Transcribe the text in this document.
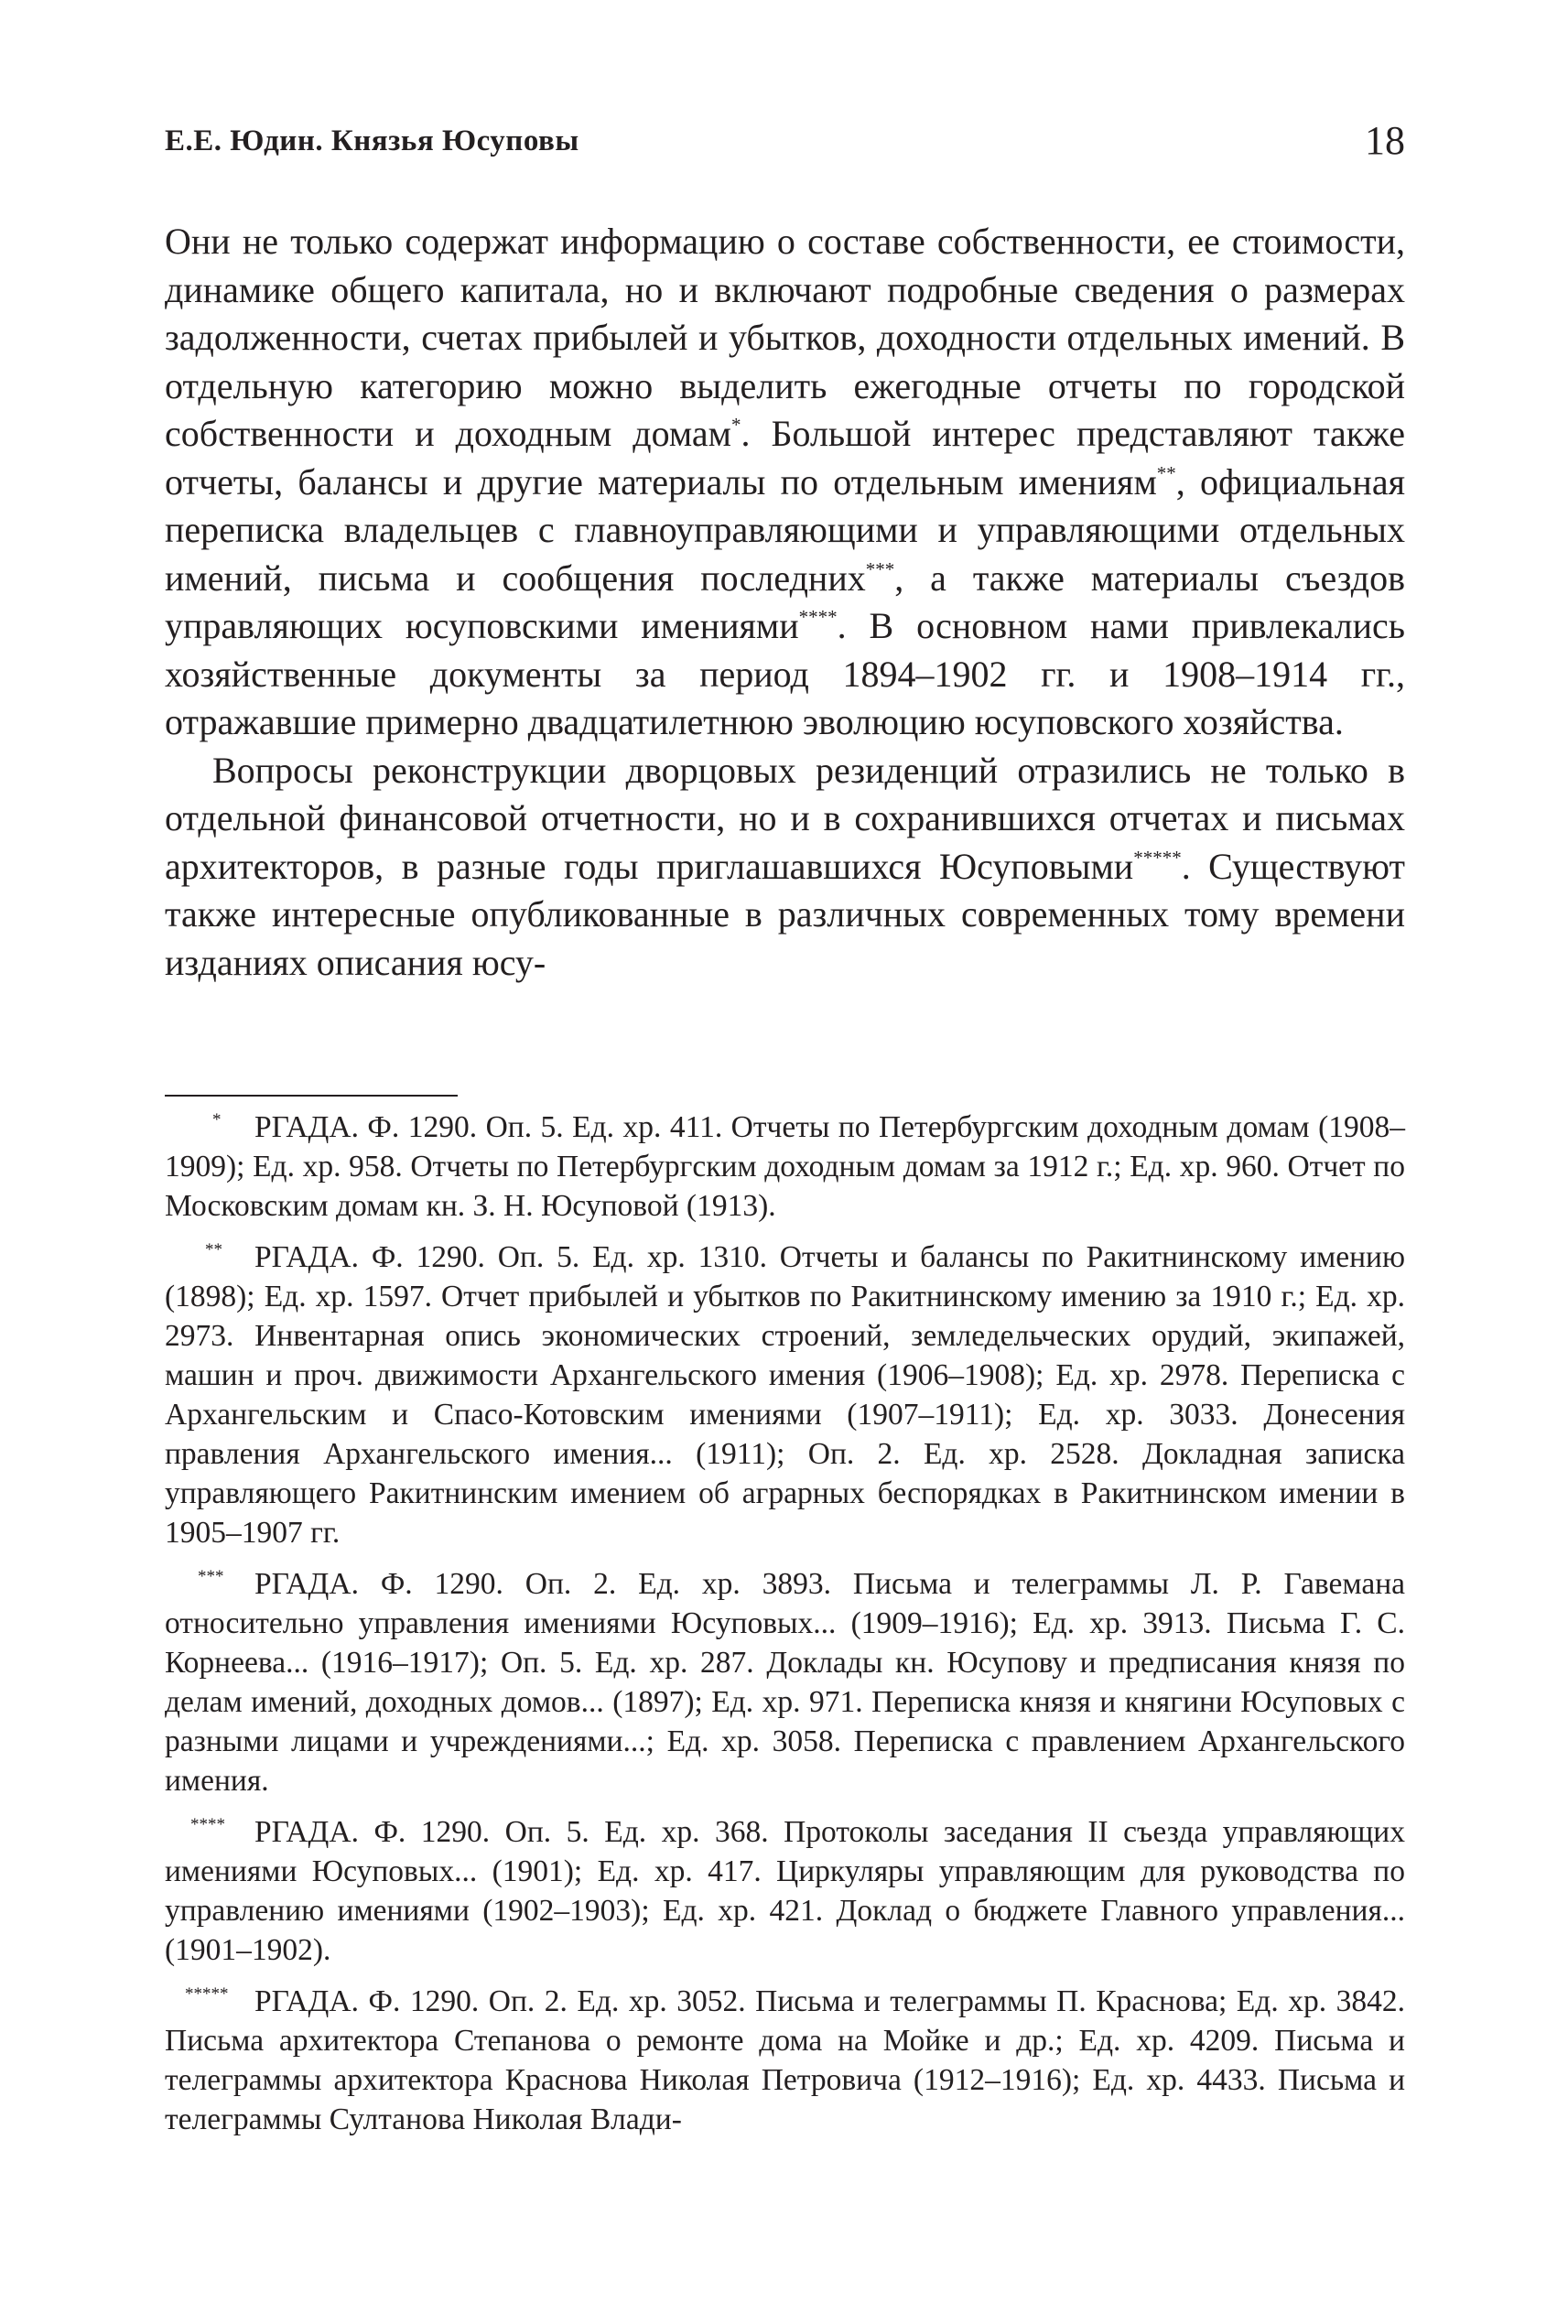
Е.Е. Юдин. Князья Юсуповы	18

Они не только содержат информацию о составе собственности, ее стоимости, динамике общего капитала, но и включают подробные сведения о размерах задолженности, счетах прибылей и убытков, доходности отдельных имений. В отдельную категорию можно выделить ежегодные отчеты по городской собственности и доходным домам*. Большой интерес представляют также отчеты, балансы и другие материалы по отдельным имениям**, официальная переписка владельцев с главноуправляющими и управляющими отдельных имений, письма и сообщения последних***, а также материалы съездов управляющих юсуповскими имениями****. В основном нами привлекались хозяйственные документы за период 1894–1902 гг. и 1908–1914 гг., отражавшие примерно двадцатилетнюю эволюцию юсуповского хозяйства.

Вопросы реконструкции дворцовых резиденций отразились не только в отдельной финансовой отчетности, но и в сохранившихся отчетах и письмах архитекторов, в разные годы приглашавшихся Юсуповыми*****. Существуют также интересные опубликованные в различных современных тому времени изданиях описания юсу-

* РГАДА. Ф. 1290. Оп. 5. Ед. хр. 411. Отчеты по Петербургским доходным домам (1908–1909); Ед. хр. 958. Отчеты по Петербургским доходным домам за 1912 г.; Ед. хр. 960. Отчет по Московским домам кн. З. Н. Юсуповой (1913).

** РГАДА. Ф. 1290. Оп. 5. Ед. хр. 1310. Отчеты и балансы по Ракитнинскому имению (1898); Ед. хр. 1597. Отчет прибылей и убытков по Ракитнинскому имению за 1910 г.; Ед. хр. 2973. Инвентарная опись экономических строений, земледельческих орудий, экипажей, машин и проч. движимости Архангельского имения (1906–1908); Ед. хр. 2978. Переписка с Архангельским и Спасо-Котовским имениями (1907–1911); Ед. хр. 3033. Донесения правления Архангельского имения... (1911); Оп. 2. Ед. хр. 2528. Докладная записка управляющего Ракитнинским имением об аграрных беспорядках в Ракитнинском имении в 1905–1907 гг.

*** РГАДА. Ф. 1290. Оп. 2. Ед. хр. 3893. Письма и телеграммы Л. Р. Гавемана относительно управления имениями Юсуповых... (1909–1916); Ед. хр. 3913. Письма Г. С. Корнеева... (1916–1917); Оп. 5. Ед. хр. 287. Доклады кн. Юсупову и предписания князя по делам имений, доходных домов... (1897); Ед. хр. 971. Переписка князя и княгини Юсуповых с разными лицами и учреждениями...; Ед. хр. 3058. Переписка с правлением Архангельского имения.

**** РГАДА. Ф. 1290. Оп. 5. Ед. хр. 368. Протоколы заседания II съезда управляющих имениями Юсуповых... (1901); Ед. хр. 417. Циркуляры управляющим для руководства по управлению имениями (1902–1903); Ед. хр. 421. Доклад о бюджете Главного управления... (1901–1902).

***** РГАДА. Ф. 1290. Оп. 2. Ед. хр. 3052. Письма и телеграммы П. Краснова; Ед. хр. 3842. Письма архитектора Степанова о ремонте дома на Мойке и др.; Ед. хр. 4209. Письма и телеграммы архитектора Краснова Николая Петровича (1912–1916); Ед. хр. 4433. Письма и телеграммы Султанова Николая Влади-
